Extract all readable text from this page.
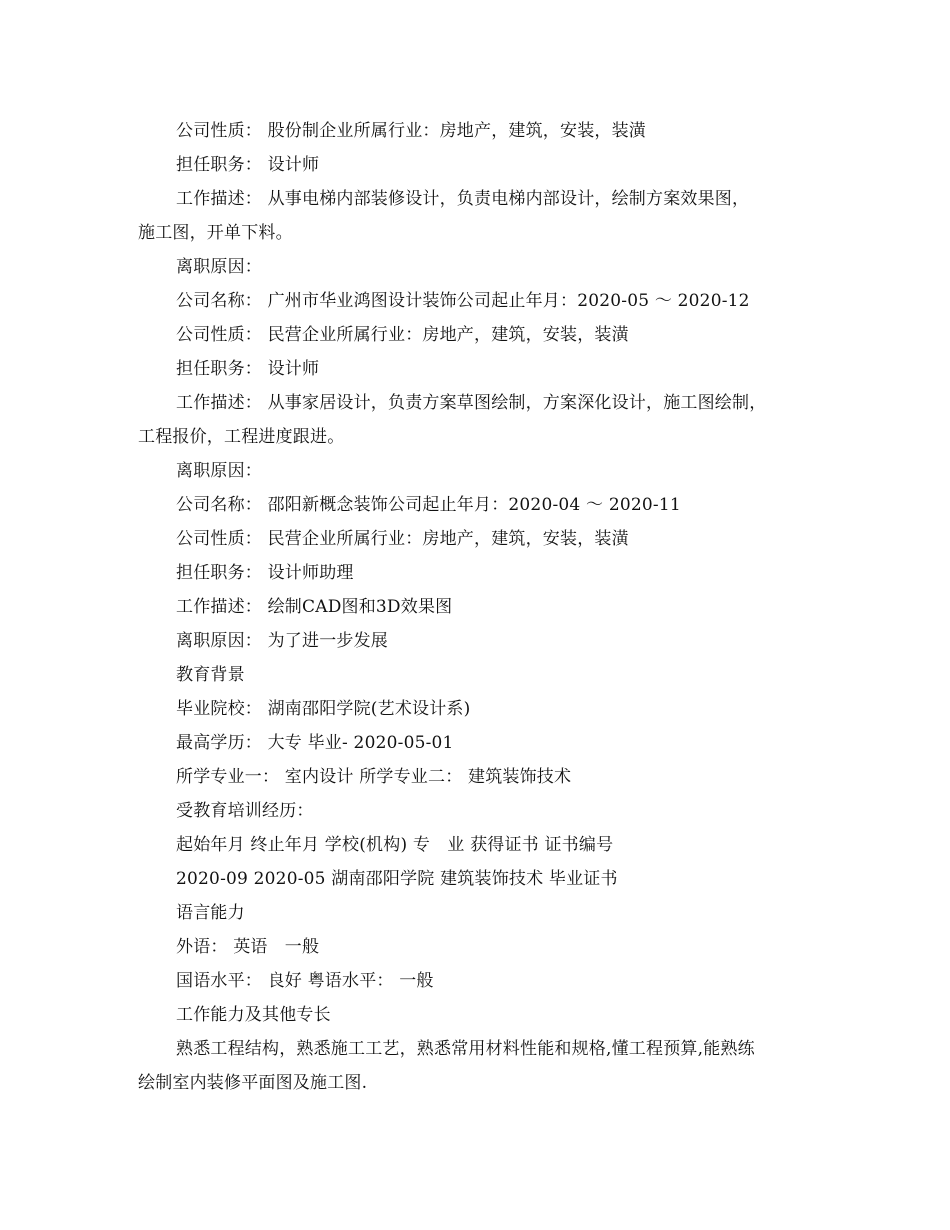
公司性质： 股份制企业所属行业：房地产，建筑，安装，装潢
担任职务： 设计师
工作描述： 从事电梯内部装修设计，负责电梯内部设计，绘制方案效果图，
施工图，开单下料。
离职原因：
公司名称： 广州市华业鸿图设计装饰公司起止年月：2020-05 ～ 2020-12
公司性质： 民营企业所属行业：房地产，建筑，安装，装潢
担任职务： 设计师
工作描述： 从事家居设计，负责方案草图绘制，方案深化设计，施工图绘制，
工程报价，工程进度跟进。
离职原因：
公司名称： 邵阳新概念装饰公司起止年月：2020-04 ～ 2020-11
公司性质： 民营企业所属行业：房地产，建筑，安装，装潢
担任职务： 设计师助理
工作描述： 绘制CAD图和3D效果图
离职原因： 为了进一步发展
教育背景
毕业院校： 湖南邵阳学院(艺术设计系)
最高学历： 大专 毕业- 2020-05-01
所学专业一： 室内设计 所学专业二： 建筑装饰技术
受教育培训经历：
起始年月 终止年月 学校(机构) 专　业 获得证书 证书编号
2020-09 2020-05 湖南邵阳学院 建筑装饰技术 毕业证书
语言能力
外语： 英语　一般
国语水平： 良好 粤语水平： 一般
工作能力及其他专长
熟悉工程结构，熟悉施工工艺，熟悉常用材料性能和规格,懂工程预算,能熟练
绘制室内装修平面图及施工图.
